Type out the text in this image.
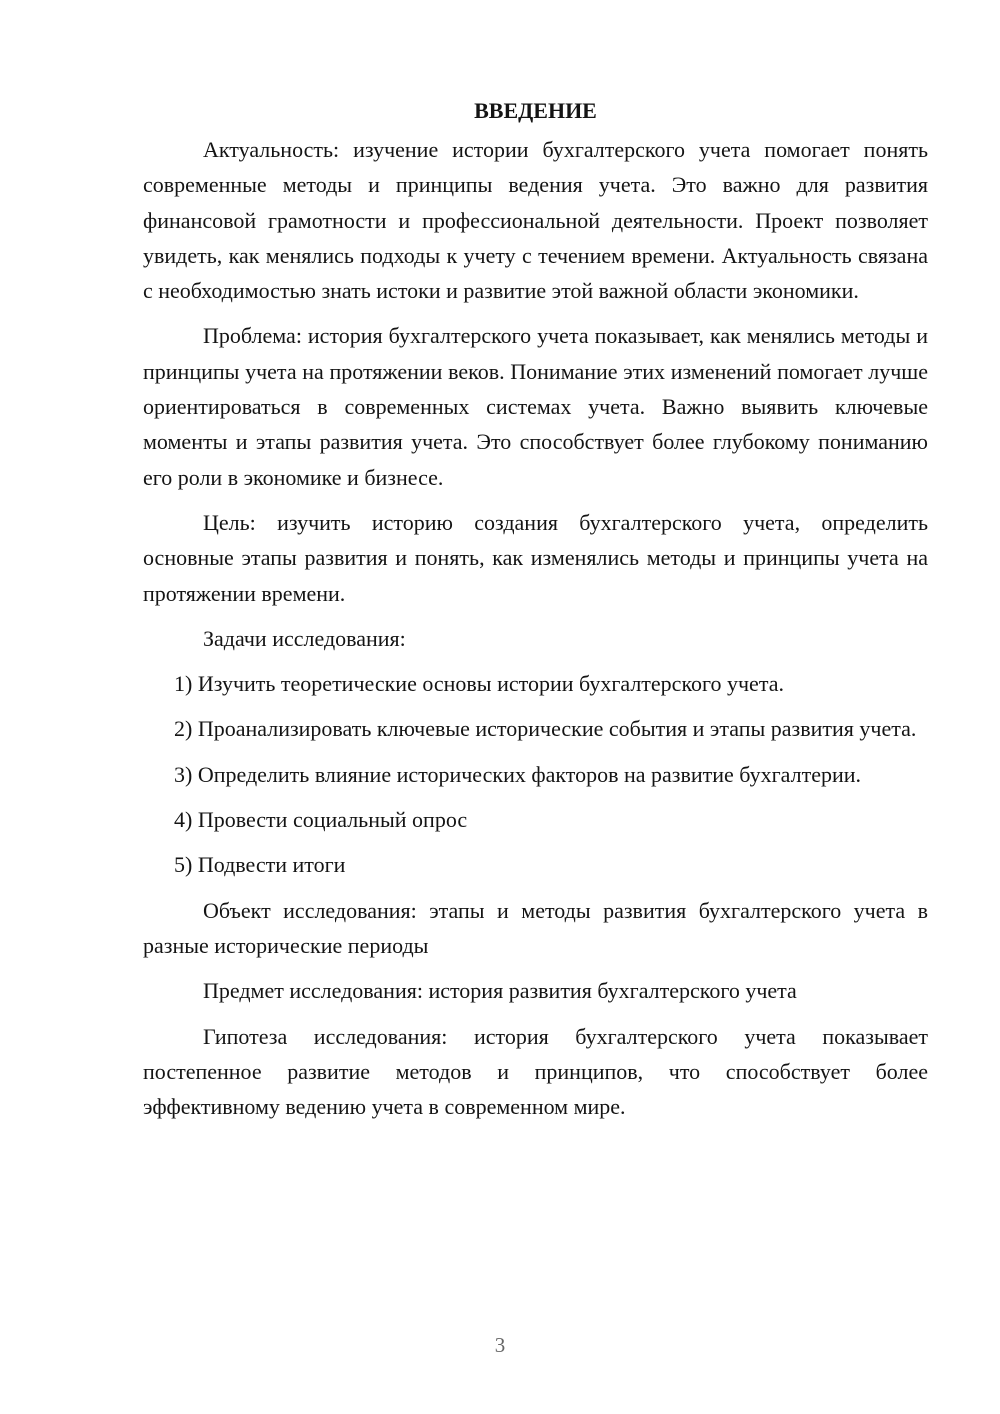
ВВЕДЕНИЕ

Актуальность: изучение истории бухгалтерского учета помогает понять современные методы и принципы ведения учета. Это важно для развития финансовой грамотности и профессиональной деятельности. Проект позволяет увидеть, как менялись подходы к учету с течением времени. Актуальность связана с необходимостью знать истоки и развитие этой важной области экономики.

Проблема: история бухгалтерского учета показывает, как менялись методы и принципы учета на протяжении веков. Понимание этих изменений помогает лучше ориентироваться в современных системах учета. Важно выявить ключевые моменты и этапы развития учета. Это способствует более глубокому пониманию его роли в экономике и бизнесе.

Цель: изучить историю создания бухгалтерского учета, определить основные этапы развития и понять, как изменялись методы и принципы учета на протяжении времени.

Задачи исследования:

1) Изучить теоретические основы истории бухгалтерского учета.

2) Проанализировать ключевые исторические события и этапы развития учета.

3) Определить влияние исторических факторов на развитие бухгалтерии.

4) Провести социальный опрос

5) Подвести итоги

Объект исследования: этапы и методы развития бухгалтерского учета в разные исторические периоды

Предмет исследования: история развития бухгалтерского учета

Гипотеза исследования: история бухгалтерского учета показывает постепенное развитие методов и принципов, что способствует более эффективному ведению учета в современном мире.

3
